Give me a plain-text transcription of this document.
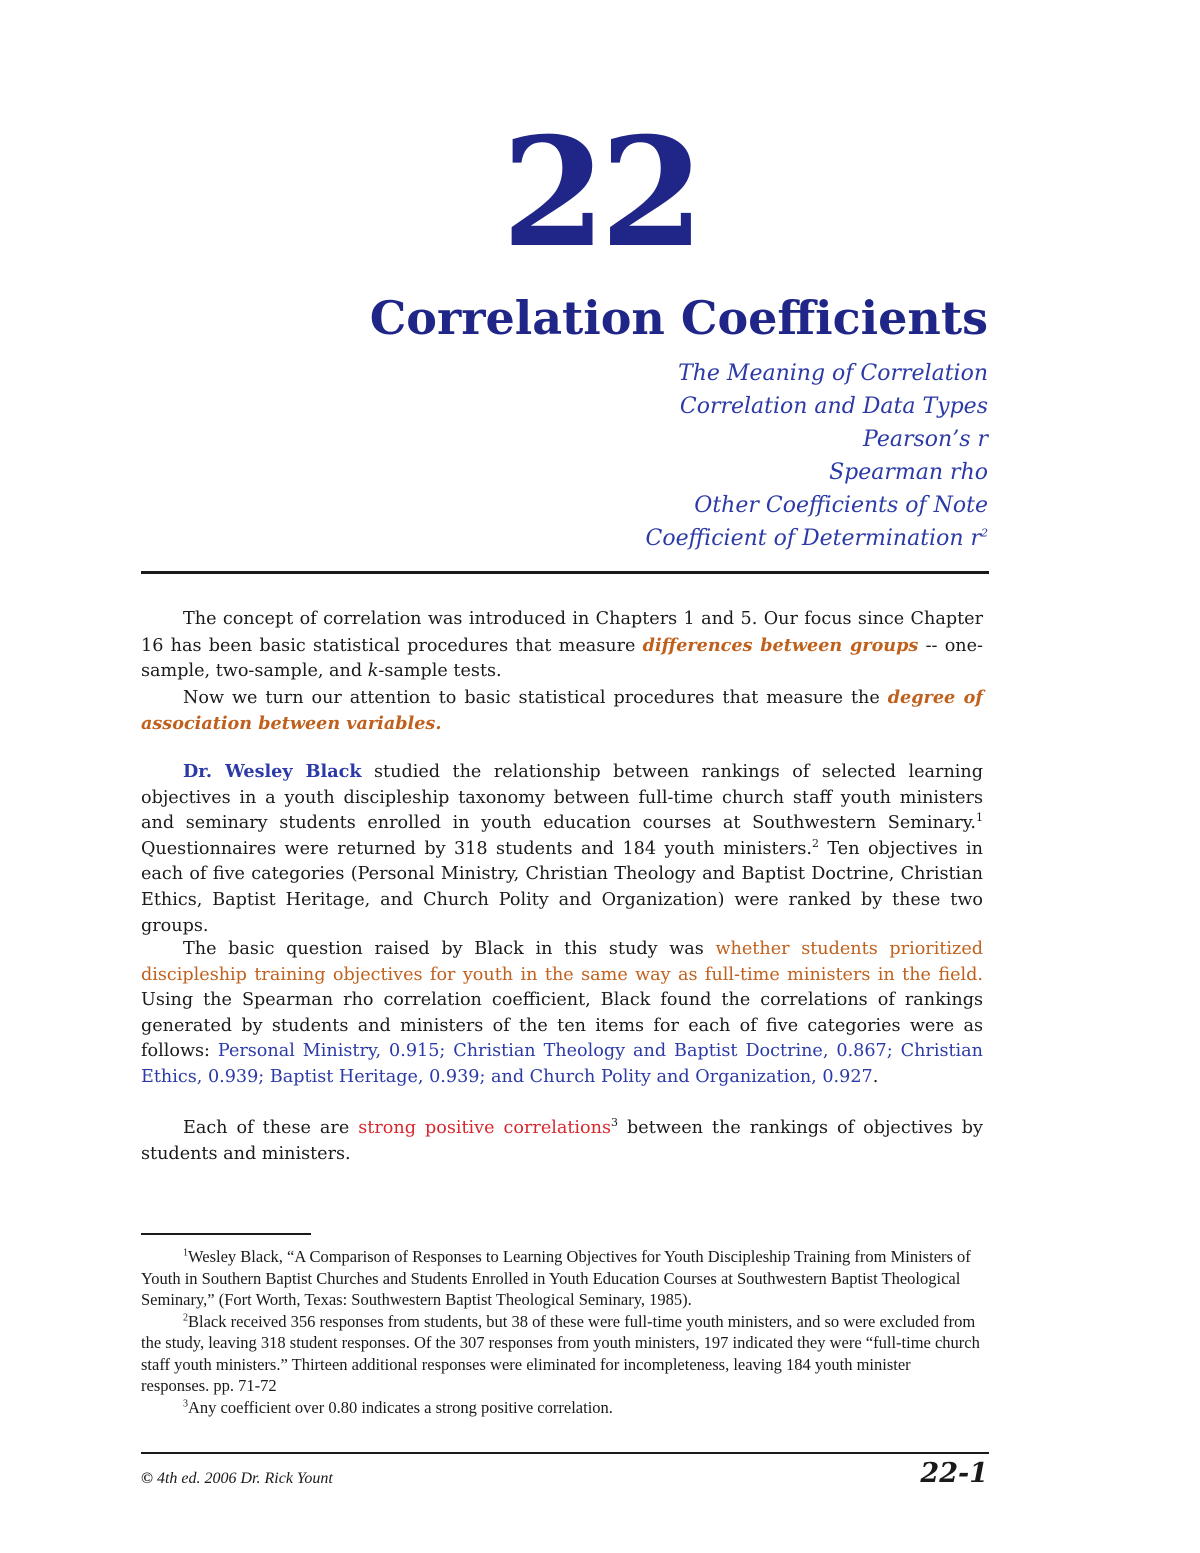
22
Correlation Coefficients
The Meaning of Correlation
Correlation and Data Types
Pearson’s r
Spearman rho
Other Coefficients of Note
Coefficient of Determination $r^2$

The concept of correlation was introduced in Chapters 1 and 5. Our focus since Chapter 16 has been basic statistical procedures that measure differences between groups -- one-sample, two-sample, and k-sample tests.

Now we turn our attention to basic statistical procedures that measure the degree of association between variables.

Dr. Wesley Black studied the relationship between rankings of selected learning objectives in a youth discipleship taxonomy between full-time church staff youth ministers and seminary students enrolled in youth education courses at Southwestern Seminary.$^1$ Questionnaires were returned by 318 students and 184 youth ministers.$^2$ Ten objectives in each of five categories (Personal Ministry, Christian Theology and Baptist Doctrine, Christian Ethics, Baptist Heritage, and Church Polity and Organization) were ranked by these two groups.

The basic question raised by Black in this study was whether students prioritized discipleship training objectives for youth in the same way as full-time ministers in the field. Using the Spearman rho correlation coefficient, Black found the correlations of rankings generated by students and ministers of the ten items for each of five categories were as follows: Personal Ministry, 0.915; Christian Theology and Baptist Doctrine, 0.867; Christian Ethics, 0.939; Baptist Heritage, 0.939; and Church Polity and Organization, 0.927.

Each of these are strong positive correlations$^3$ between the rankings of objectives by students and ministers.

$^1$Wesley Black, “A Comparison of Responses to Learning Objectives for Youth Discipleship Training from Ministers of Youth in Southern Baptist Churches and Students Enrolled in Youth Education Courses at Southwestern Baptist Theological Seminary,” (Fort Worth, Texas: Southwestern Baptist Theological Seminary, 1985).

$^2$Black received 356 responses from students, but 38 of these were full-time youth ministers, and so were excluded from the study, leaving 318 student responses. Of the 307 responses from youth ministers, 197 indicated they were “full-time church staff youth ministers.” Thirteen additional responses were eliminated for incompleteness, leaving 184 youth minister responses. pp. 71-72

$^3$Any coefficient over 0.80 indicates a strong positive correlation.

© 4th ed. 2006 Dr. Rick Yount	22-1
